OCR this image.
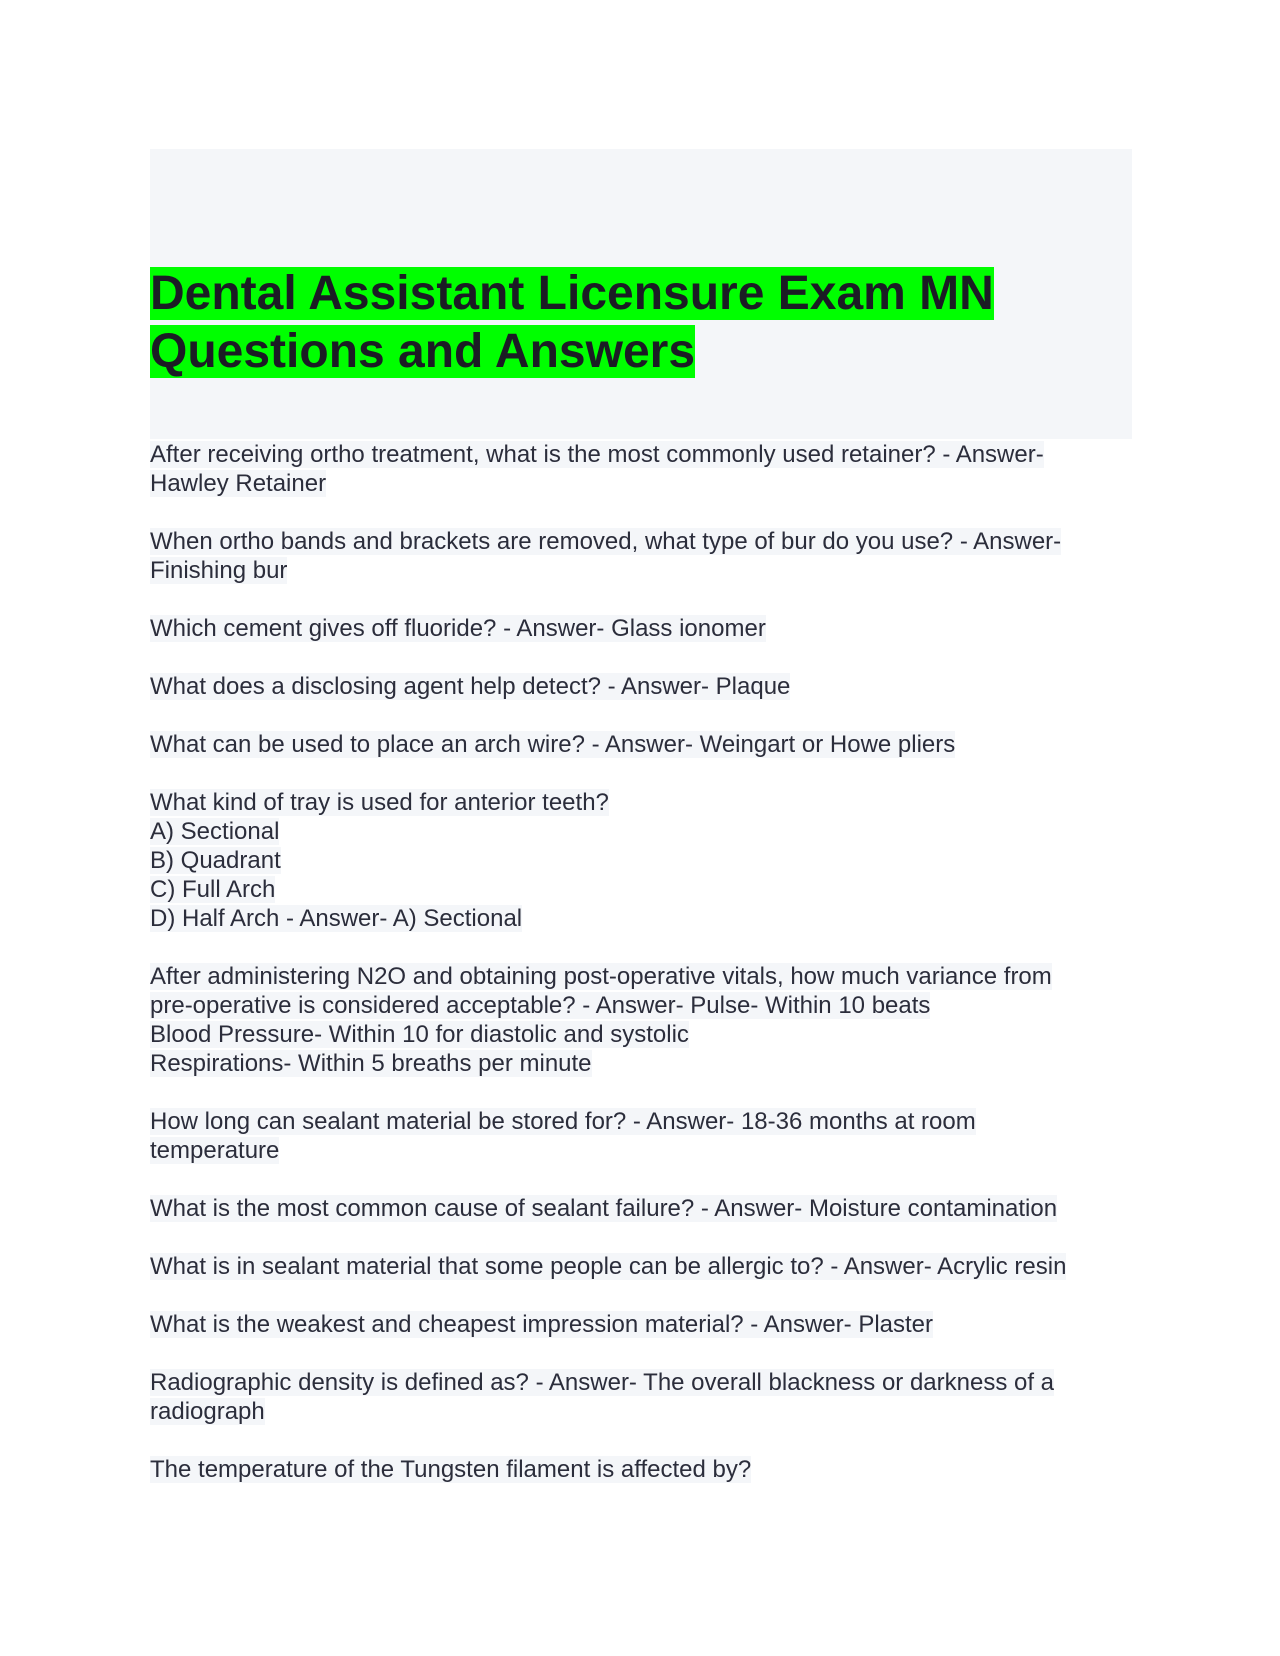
Dental Assistant Licensure Exam MN
Questions and Answers

After receiving ortho treatment, what is the most commonly used retainer? - Answer-
Hawley Retainer

When ortho bands and brackets are removed, what type of bur do you use? - Answer-
Finishing bur

Which cement gives off fluoride? - Answer- Glass ionomer

What does a disclosing agent help detect? - Answer- Plaque

What can be used to place an arch wire? - Answer- Weingart or Howe pliers

What kind of tray is used for anterior teeth?
A) Sectional
B) Quadrant
C) Full Arch
D) Half Arch - Answer- A) Sectional

After administering N2O and obtaining post-operative vitals, how much variance from
pre-operative is considered acceptable? - Answer- Pulse- Within 10 beats
Blood Pressure- Within 10 for diastolic and systolic
Respirations- Within 5 breaths per minute

How long can sealant material be stored for? - Answer- 18-36 months at room
temperature

What is the most common cause of sealant failure? - Answer- Moisture contamination

What is in sealant material that some people can be allergic to? - Answer- Acrylic resin

What is the weakest and cheapest impression material? - Answer- Plaster

Radiographic density is defined as? - Answer- The overall blackness or darkness of a
radiograph

The temperature of the Tungsten filament is affected by?
